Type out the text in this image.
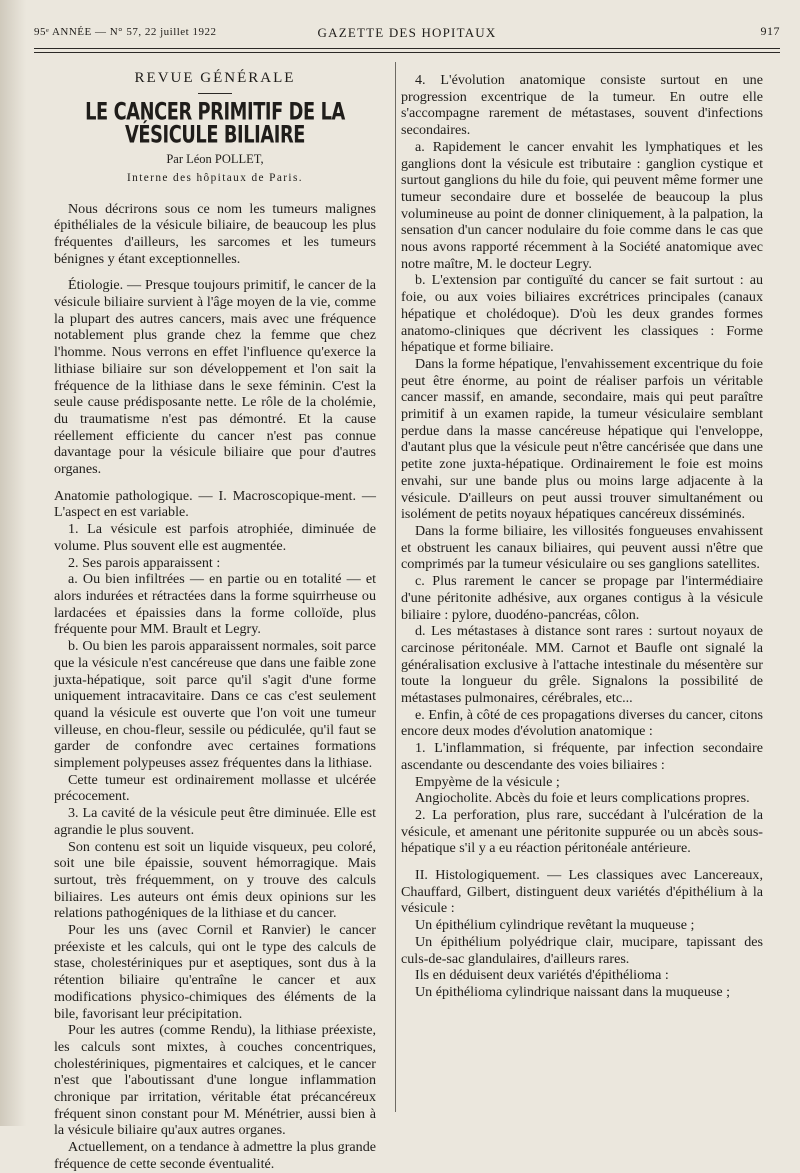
95ᵉ ANNÉE — N° 57, 22 juillet 1922	GAZETTE DES HOPITAUX	917
REVUE GÉNÉRALE
LE CANCER PRIMITIF DE LA VÉSICULE BILIAIRE
Par Léon POLLET,
Interne des hôpitaux de Paris.

Nous décrirons sous ce nom les tumeurs malignes épithéliales de la vésicule biliaire, de beaucoup les plus fréquentes d'ailleurs, les sarcomes et les tumeurs bénignes y étant exceptionnelles.

Étiologie. — Presque toujours primitif, le cancer de la vésicule biliaire survient à l'âge moyen de la vie, comme la plupart des autres cancers, mais avec une fréquence notablement plus grande chez la femme que chez l'homme. Nous verrons en effet l'influence qu'exerce la lithiase biliaire sur son développement et l'on sait la fréquence de la lithiase dans le sexe féminin. C'est la seule cause prédisposante nette. Le rôle de la cholémie, du traumatisme n'est pas démontré. Et la cause réellement efficiente du cancer n'est pas connue davantage pour la vésicule biliaire que pour d'autres organes.

Anatomie pathologique. — I. Macroscopique-ment. — L'aspect en est variable.

1. La vésicule est parfois atrophiée, diminuée de volume. Plus souvent elle est augmentée.

2. Ses parois apparaissent :

a. Ou bien infiltrées — en partie ou en totalité — et alors indurées et rétractées dans la forme squirrheuse ou lardacées et épaissies dans la forme colloïde, plus fréquente pour MM. Brault et Legry.

b. Ou bien les parois apparaissent normales, soit parce que la vésicule n'est cancéreuse que dans une faible zone juxta-hépatique, soit parce qu'il s'agit d'une forme uniquement intracavitaire. Dans ce cas c'est seulement quand la vésicule est ouverte que l'on voit une tumeur villeuse, en chou-fleur, sessile ou pédiculée, qu'il faut se garder de confondre avec certaines formations simplement polypeuses assez fréquentes dans la lithiase.

Cette tumeur est ordinairement mollasse et ulcérée précocement.

3. La cavité de la vésicule peut être diminuée. Elle est agrandie le plus souvent.

Son contenu est soit un liquide visqueux, peu coloré, soit une bile épaissie, souvent hémorragique. Mais surtout, très fréquemment, on y trouve des calculs biliaires. Les auteurs ont émis deux opinions sur les relations pathogéniques de la lithiase et du cancer.

Pour les uns (avec Cornil et Ranvier) le cancer préexiste et les calculs, qui ont le type des calculs de stase, cholestériniques pur et aseptiques, sont dus à la rétention biliaire qu'entraîne le cancer et aux modifications physico-chimiques des éléments de la bile, favorisant leur précipitation.

Pour les autres (comme Rendu), la lithiase préexiste, les calculs sont mixtes, à couches concentriques, cholestériniques, pigmentaires et calciques, et le cancer n'est que l'aboutissant d'une longue inflammation chronique par irritation, véritable état précancéreux fréquent sinon constant pour M. Ménétrier, aussi bien à la vésicule biliaire qu'aux autres organes.

Actuellement, on a tendance à admettre la plus grande fréquence de cette seconde éventualité.

4. L'évolution anatomique consiste surtout en une progression excentrique de la tumeur. En outre elle s'accompagne rarement de métastases, souvent d'infections secondaires.

a. Rapidement le cancer envahit les lymphatiques et les ganglions dont la vésicule est tributaire : ganglion cystique et surtout ganglions du hile du foie, qui peuvent même former une tumeur secondaire dure et bosselée de beaucoup la plus volumineuse au point de donner cliniquement, à la palpation, la sensation d'un cancer nodulaire du foie comme dans le cas que nous avons rapporté récemment à la Société anatomique avec notre maître, M. le docteur Legry.

b. L'extension par contiguïté du cancer se fait surtout : au foie, ou aux voies biliaires excrétrices principales (canaux hépatique et cholédoque). D'où les deux grandes formes anatomo-cliniques que décrivent les classiques : Forme hépatique et forme biliaire.

Dans la forme hépatique, l'envahissement excentrique du foie peut être énorme, au point de réaliser parfois un véritable cancer massif, en amande, secondaire, mais qui peut paraître primitif à un examen rapide, la tumeur vésiculaire semblant perdue dans la masse cancéreuse hépatique qui l'enveloppe, d'autant plus que la vésicule peut n'être cancérisée que dans une petite zone juxta-hépatique. Ordinairement le foie est moins envahi, sur une bande plus ou moins large adjacente à la vésicule. D'ailleurs on peut aussi trouver simultanément ou isolément de petits noyaux hépatiques cancéreux disséminés.

Dans la forme biliaire, les villosités fongueuses envahissent et obstruent les canaux biliaires, qui peuvent aussi n'être que comprimés par la tumeur vésiculaire ou ses ganglions satellites.

c. Plus rarement le cancer se propage par l'intermédiaire d'une péritonite adhésive, aux organes contigus à la vésicule biliaire : pylore, duodéno-pancréas, côlon.

d. Les métastases à distance sont rares : surtout noyaux de carcinose péritonéale. MM. Carnot et Baufle ont signalé la généralisation exclusive à l'attache intestinale du mésentère sur toute la longueur du grêle. Signalons la possibilité de métastases pulmonaires, cérébrales, etc...

e. Enfin, à côté de ces propagations diverses du cancer, citons encore deux modes d'évolution anatomique :

1. L'inflammation, si fréquente, par infection secondaire ascendante ou descendante des voies biliaires :

Empyème de la vésicule ;

Angiocholite. Abcès du foie et leurs complications propres.

2. La perforation, plus rare, succédant à l'ulcération de la vésicule, et amenant une péritonite suppurée ou un abcès sous-hépatique s'il y a eu réaction péritonéale antérieure.

II. Histologiquement. — Les classiques avec Lancereaux, Chauffard, Gilbert, distinguent deux variétés d'épithélium à la vésicule :

Un épithélium cylindrique revêtant la muqueuse ;

Un épithélium polyédrique clair, mucipare, tapissant des culs-de-sac glandulaires, d'ailleurs rares.

Ils en déduisent deux variétés d'épithélioma :

Un épithélioma cylindrique naissant dans la muqueuse ;
